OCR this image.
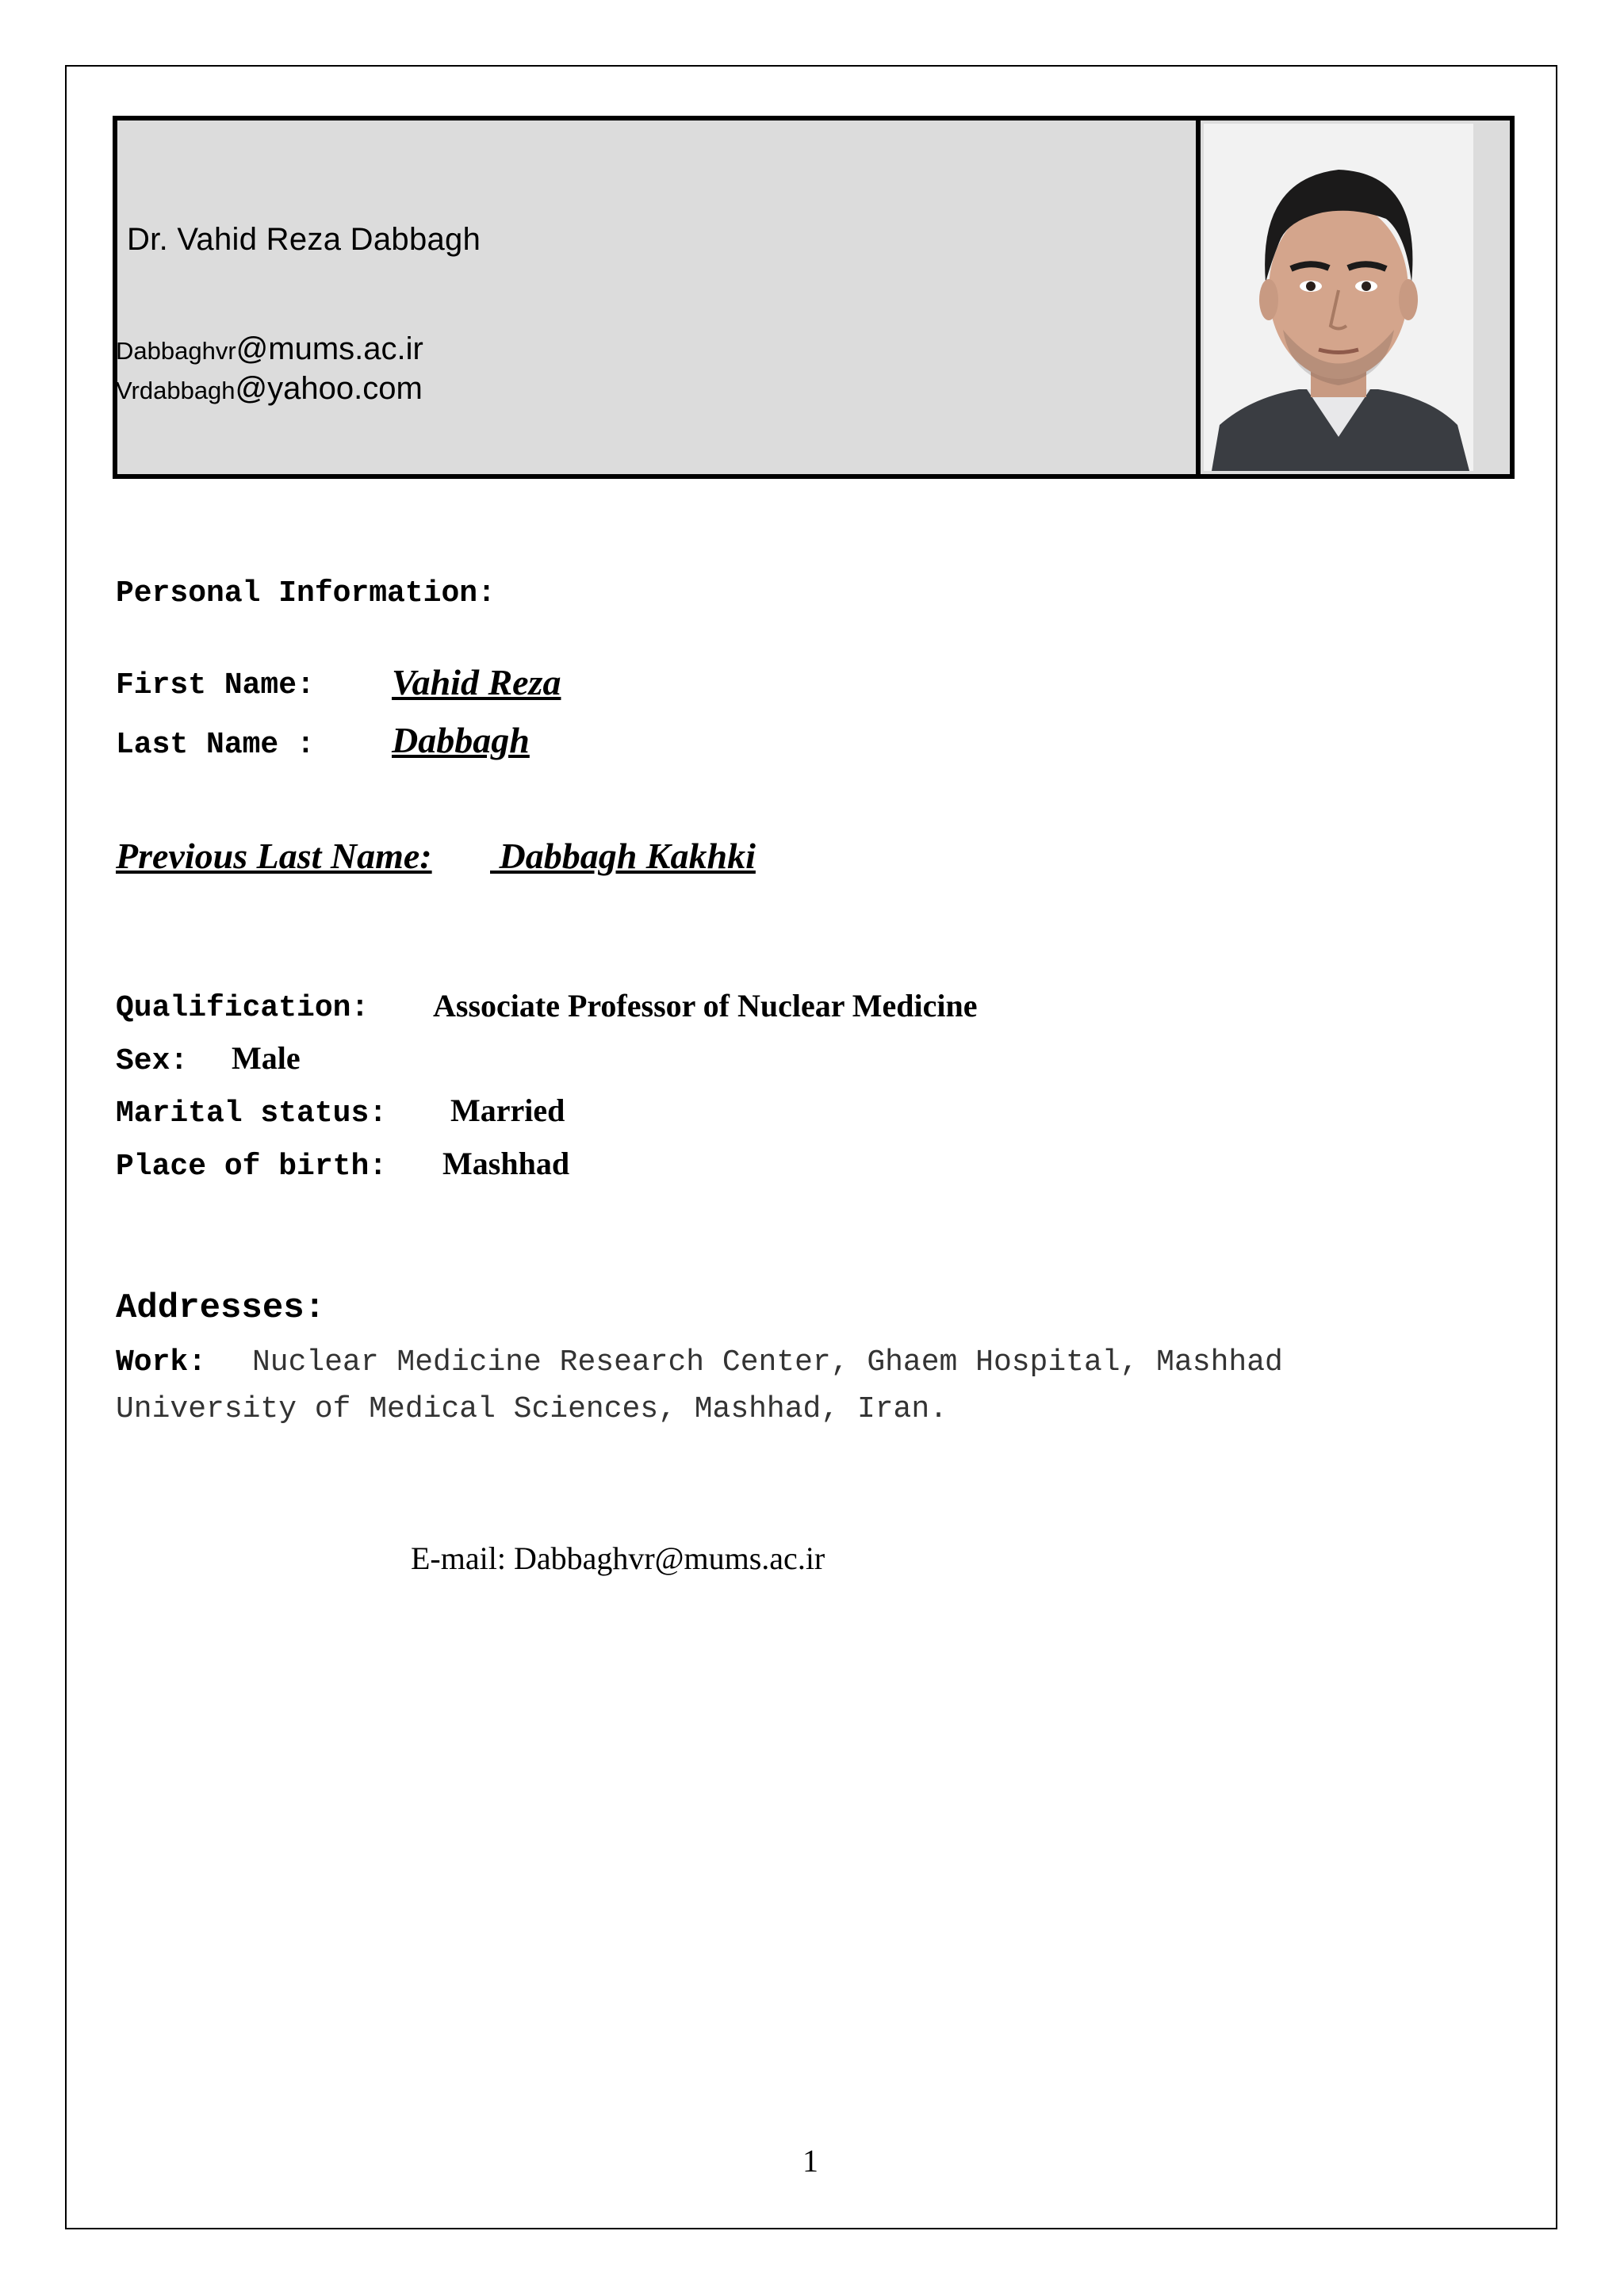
Dr. Vahid Reza Dabbagh
Dabbaghvr@mums.ac.ir
Vrdabbagh@yahoo.com
Personal Information:
First Name: Vahid Reza
Last Name : Dabbagh
Previous Last Name: Dabbagh Kakhki
Qualification: Associate Professor of Nuclear Medicine
Sex: Male
Marital status: Married
Place of birth: Mashhad
Addresses:
Work: Nuclear Medicine Research Center, Ghaem Hospital, Mashhad
University of Medical Sciences, Mashhad, Iran.
E-mail: Dabbaghvr@mums.ac.ir
1
